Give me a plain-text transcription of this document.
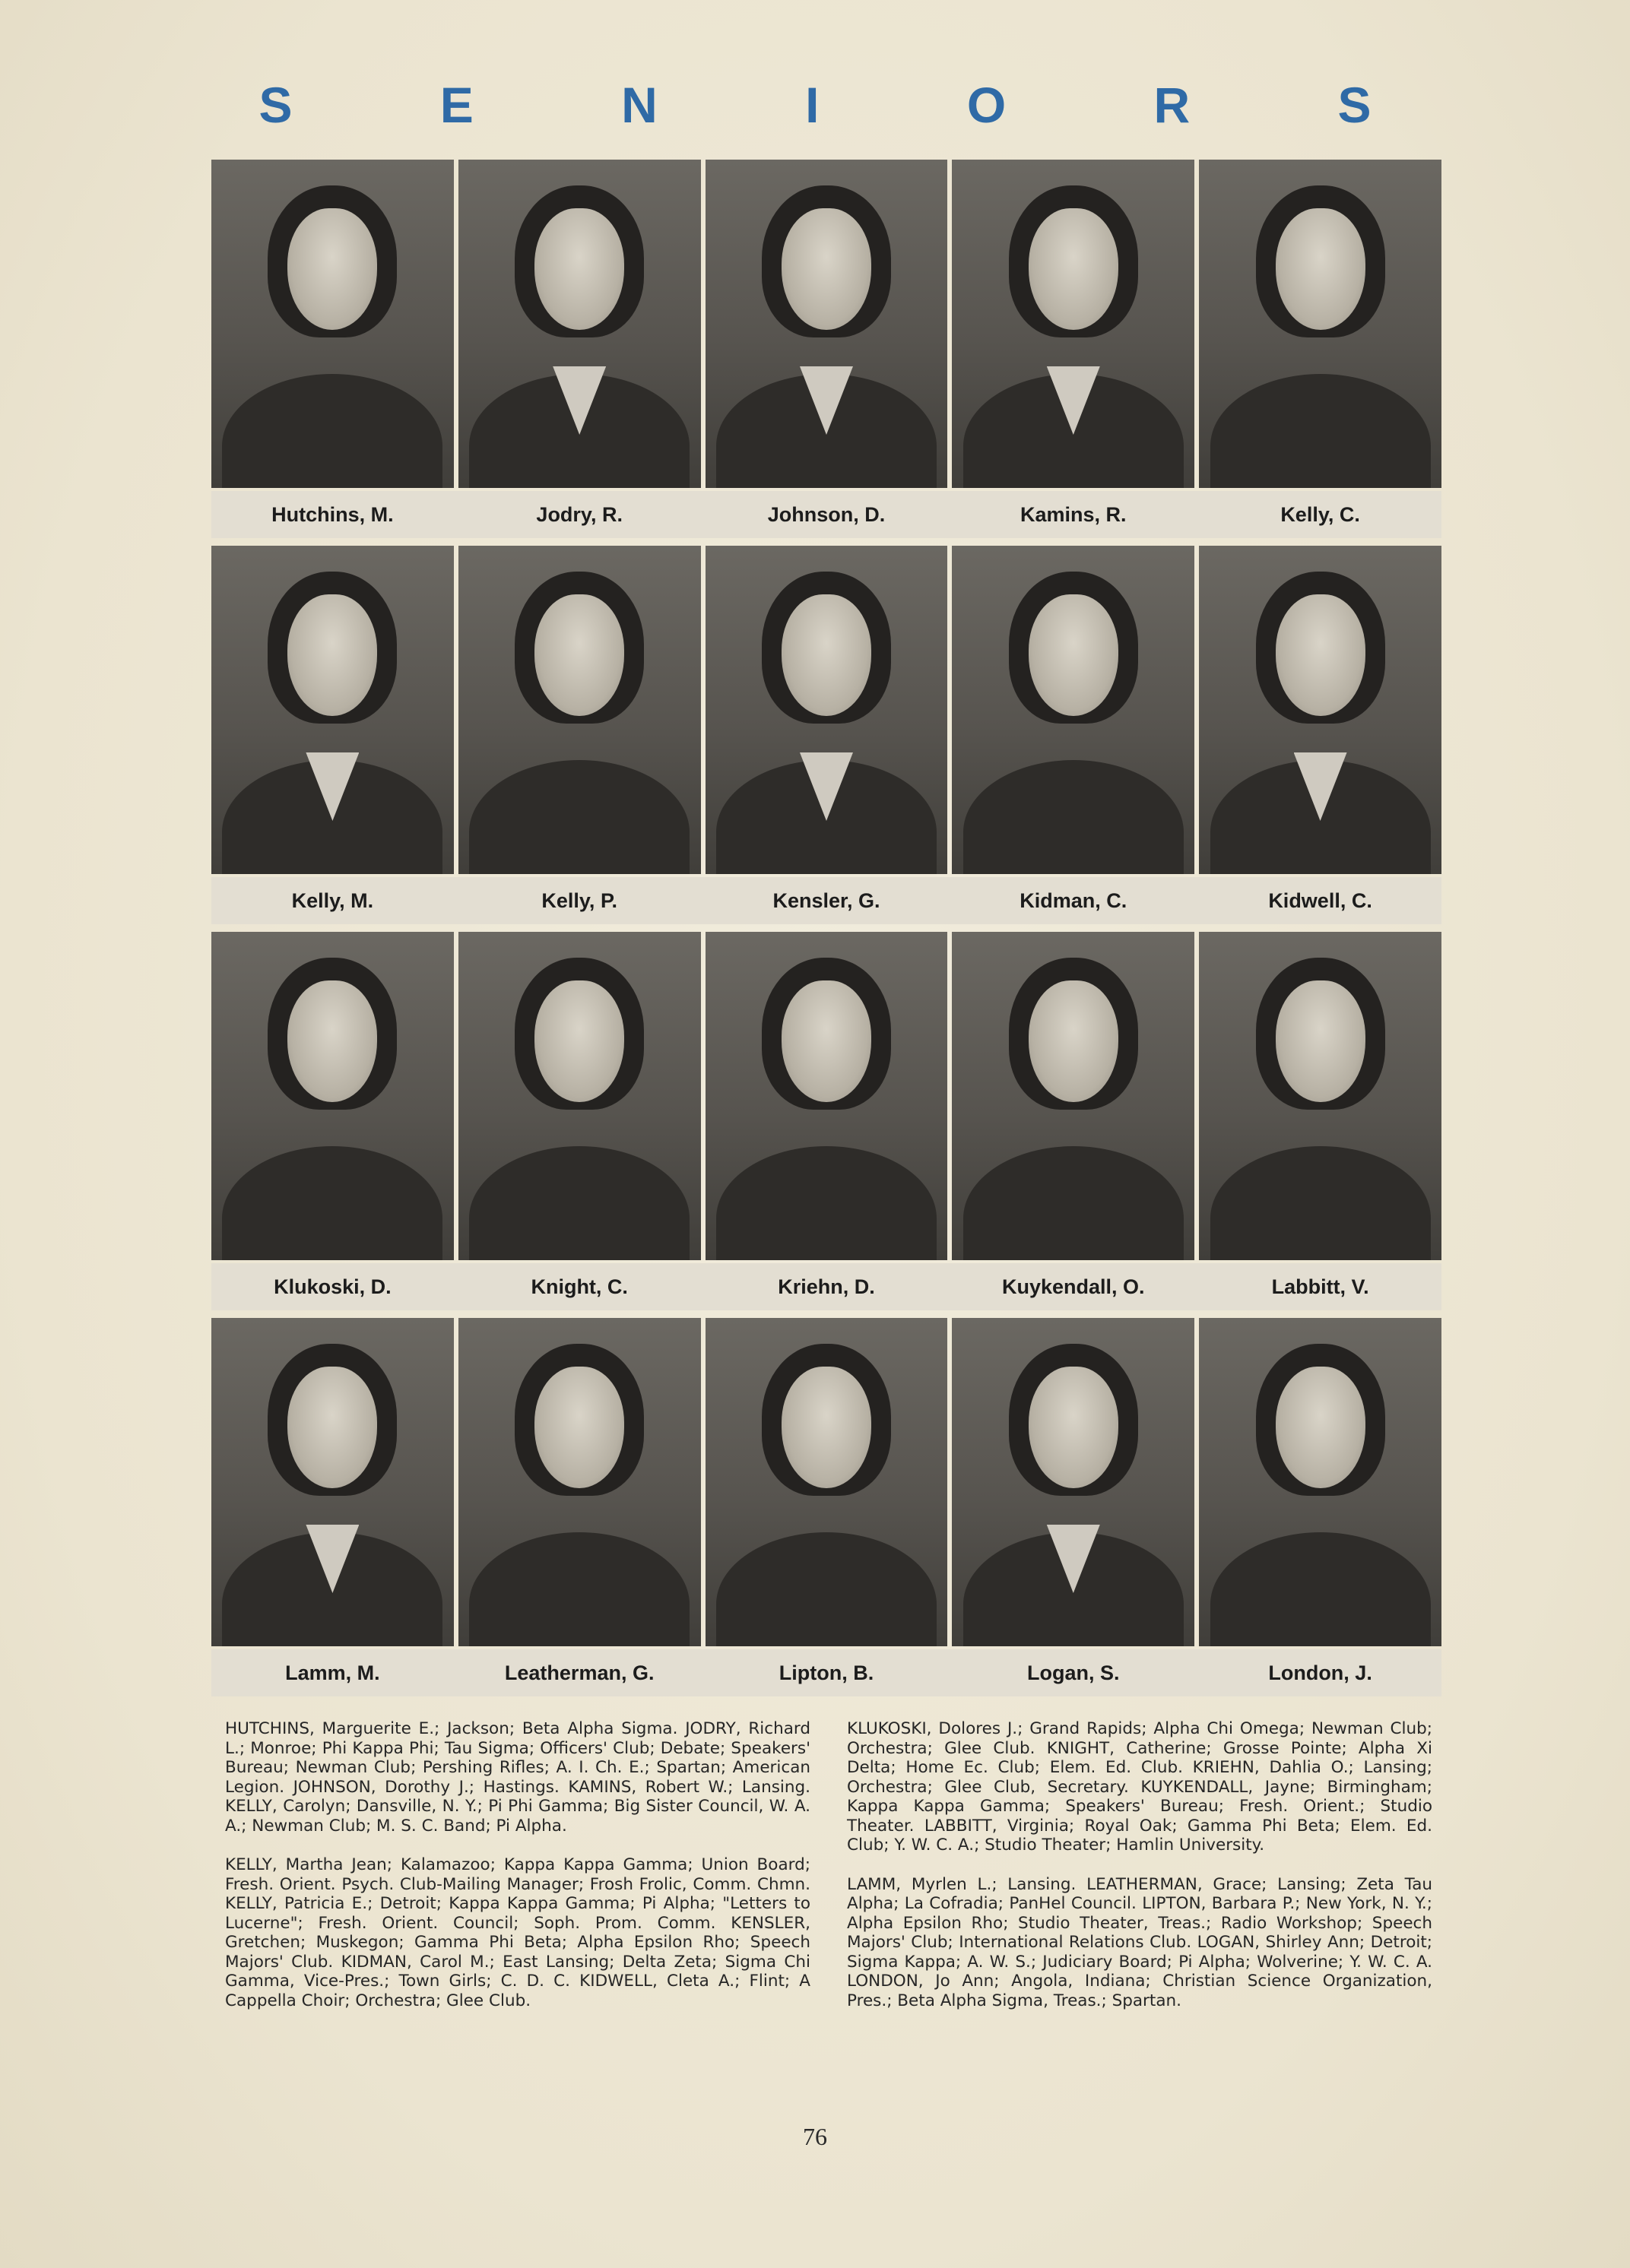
S E N I O R S
Hutchins, M.	Jodry, R.	Johnson, D.	Kamins, R.	Kelly, C.
Kelly, M.	Kelly, P.	Kensler, G.	Kidman, C.	Kidwell, C.
Klukoski, D.	Knight, C.	Kriehn, D.	Kuykendall, O.	Labbitt, V.
Lamm, M.	Leatherman, G.	Lipton, B.	Logan, S.	London, J.

HUTCHINS, Marguerite E.; Jackson; Beta Alpha Sigma. JODRY, Richard L.; Monroe; Phi Kappa Phi; Tau Sigma; Officers' Club; Debate; Speakers' Bureau; Newman Club; Pershing Rifles; A. I. Ch. E.; Spartan; American Legion. JOHNSON, Dorothy J.; Hastings. KAMINS, Robert W.; Lansing. KELLY, Carolyn; Dansville, N. Y.; Pi Phi Gamma; Big Sister Council, W. A. A.; Newman Club; M. S. C. Band; Pi Alpha.

KELLY, Martha Jean; Kalamazoo; Kappa Kappa Gamma; Union Board; Fresh. Orient. Psych. Club-Mailing Manager; Frosh Frolic, Comm. Chmn. KELLY, Patricia E.; Detroit; Kappa Kappa Gamma; Pi Alpha; "Letters to Lucerne"; Fresh. Orient. Council; Soph. Prom. Comm. KENSLER, Gretchen; Muskegon; Gamma Phi Beta; Alpha Epsilon Rho; Speech Majors' Club. KIDMAN, Carol M.; East Lansing; Delta Zeta; Sigma Chi Gamma, Vice-Pres.; Town Girls; C. D. C. KIDWELL, Cleta A.; Flint; A Cappella Choir; Orchestra; Glee Club.

KLUKOSKI, Dolores J.; Grand Rapids; Alpha Chi Omega; Newman Club; Orchestra; Glee Club. KNIGHT, Catherine; Grosse Pointe; Alpha Xi Delta; Home Ec. Club; Elem. Ed. Club. KRIEHN, Dahlia O.; Lansing; Orchestra; Glee Club, Secretary. KUYKENDALL, Jayne; Birmingham; Kappa Kappa Gamma; Speakers' Bureau; Fresh. Orient.; Studio Theater. LABBITT, Virginia; Royal Oak; Gamma Phi Beta; Elem. Ed. Club; Y. W. C. A.; Studio Theater; Hamlin University.

LAMM, Myrlen L.; Lansing. LEATHERMAN, Grace; Lansing; Zeta Tau Alpha; La Cofradia; PanHel Council. LIPTON, Barbara P.; New York, N. Y.; Alpha Epsilon Rho; Studio Theater, Treas.; Radio Workshop; Speech Majors' Club; International Relations Club. LOGAN, Shirley Ann; Detroit; Sigma Kappa; A. W. S.; Judiciary Board; Pi Alpha; Wolverine; Y. W. C. A. LONDON, Jo Ann; Angola, Indiana; Christian Science Organization, Pres.; Beta Alpha Sigma, Treas.; Spartan.

76
